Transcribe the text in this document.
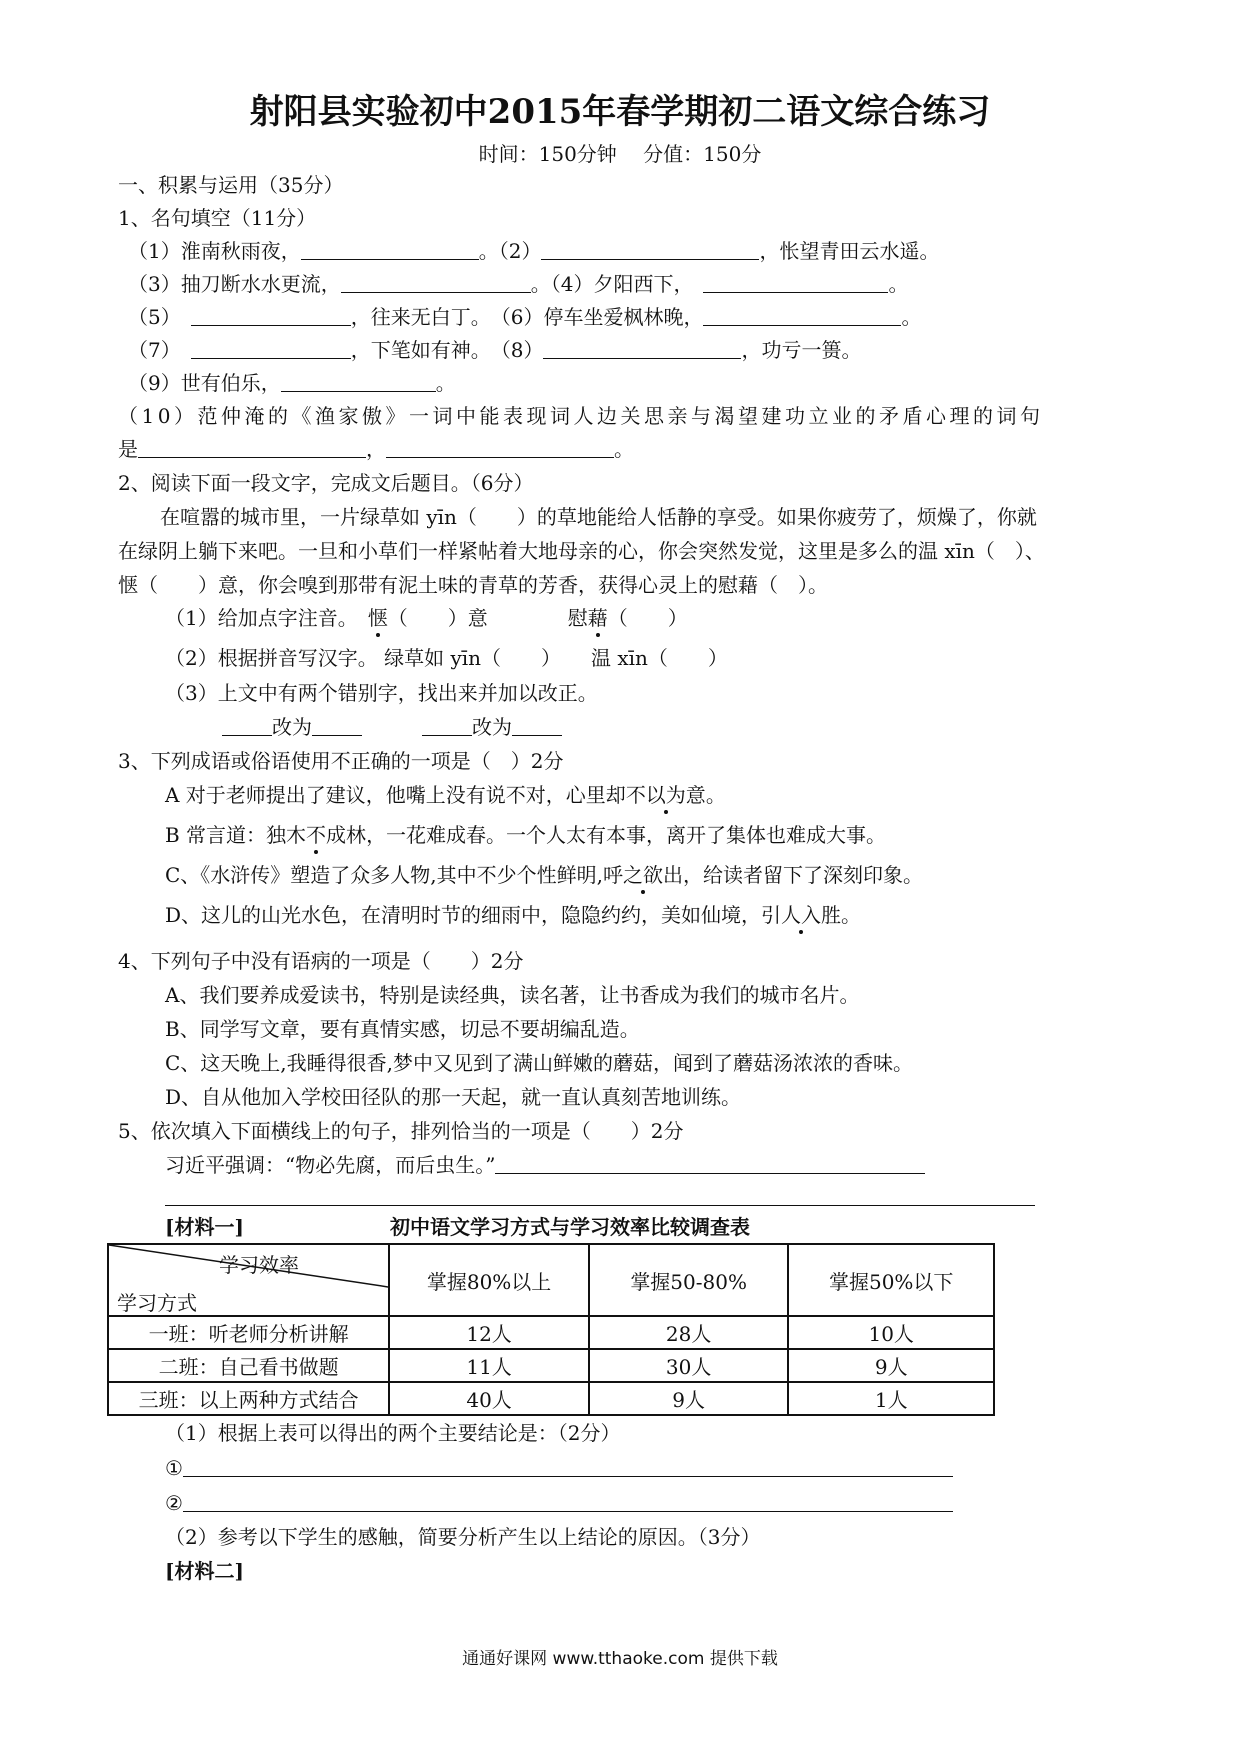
射阳县实验初中2015年春学期初二语文综合练习
时间：150分钟　 分值：150分
一、积累与运用（35分）
1、名句填空（11分）
（1）淮南秋雨夜，	。（2）	，怅望青田云水遥。
（3）抽刀断水水更流，	。（4）夕阳西下，　	。
（5）　	，往来无白丁。　 （6）停车坐爱枫林晚，	。
（7）　	，下笔如有神。　 （8）	，功亏一篑。
（9）世有伯乐，	。
（10）范仲淹的《渔家傲》一词中能表现词人边关思亲与渴望建功立业的矛盾心理的词句
是	，	。
2、阅读下面一段文字，完成文后题目。（6分）
在喧嚣的城市里，一片绿草如 yīn（　　）的草地能给人恬静的享受。如果你疲劳了，烦燥了，你就
在绿阴上躺下来吧。一旦和小草们一样紧帖着大地母亲的心，你会突然发觉，这里是多么的温 xīn（　）、
惬（　　）意，你会嗅到那带有泥土味的青草的芳香，获得心灵上的慰藉（　）。
（1）给加点字注音。　 惬（　　）意　　　　	慰藉（　　）
（2）根据拼音写汉字。 绿草如 yīn（　　）　　温 xīn（　　）
（3）上文中有两个错别字，找出来并加以改正。
改为　　　	改为
3、下列成语或俗语使用不正确的一项是（　）2分
A 对于老师提出了建议，他嘴上没有说不对，心里却不以为意。
B 常言道：独木不成林，一花难成春。一个人太有本事，离开了集体也难成大事。
C、《水浒传》塑造了众多人物,其中不少个性鲜明,呼之欲出，给读者留下了深刻印象。
D、这儿的山光水色，在清明时节的细雨中，隐隐约约，美如仙境，引人入胜。
4、下列句子中没有语病的一项是（　　）2分
A、我们要养成爱读书，特别是读经典，读名著，让书香成为我们的城市名片。
B、同学写文章，要有真情实感，切忌不要胡编乱造。
C、这天晚上,我睡得很香,梦中又见到了满山鲜嫩的蘑菇，闻到了蘑菇汤浓浓的香味。
D、自从他加入学校田径队的那一天起，就一直认真刻苦地训练。
5、依次填入下面横线上的句子，排列恰当的一项是（　　）2分
习近平强调：“物必先腐，而后虫生。”
[材料一]	初中语文学习方式与学习效率比较调查表
学习效率
学习方式	掌握80%以上	掌握50-80%	掌握50%以下
一班：听老师分析讲解	12人	28人	10人
二班：自己看书做题	11人	30人	9人
三班：以上两种方式结合	40人	9人	1人
（1）根据上表可以得出的两个主要结论是：（2分）
①
②
（2）参考以下学生的感触，简要分析产生以上结论的原因。（3分）
[材料二]
通通好课网 www.tthaoke.com 提供下载
